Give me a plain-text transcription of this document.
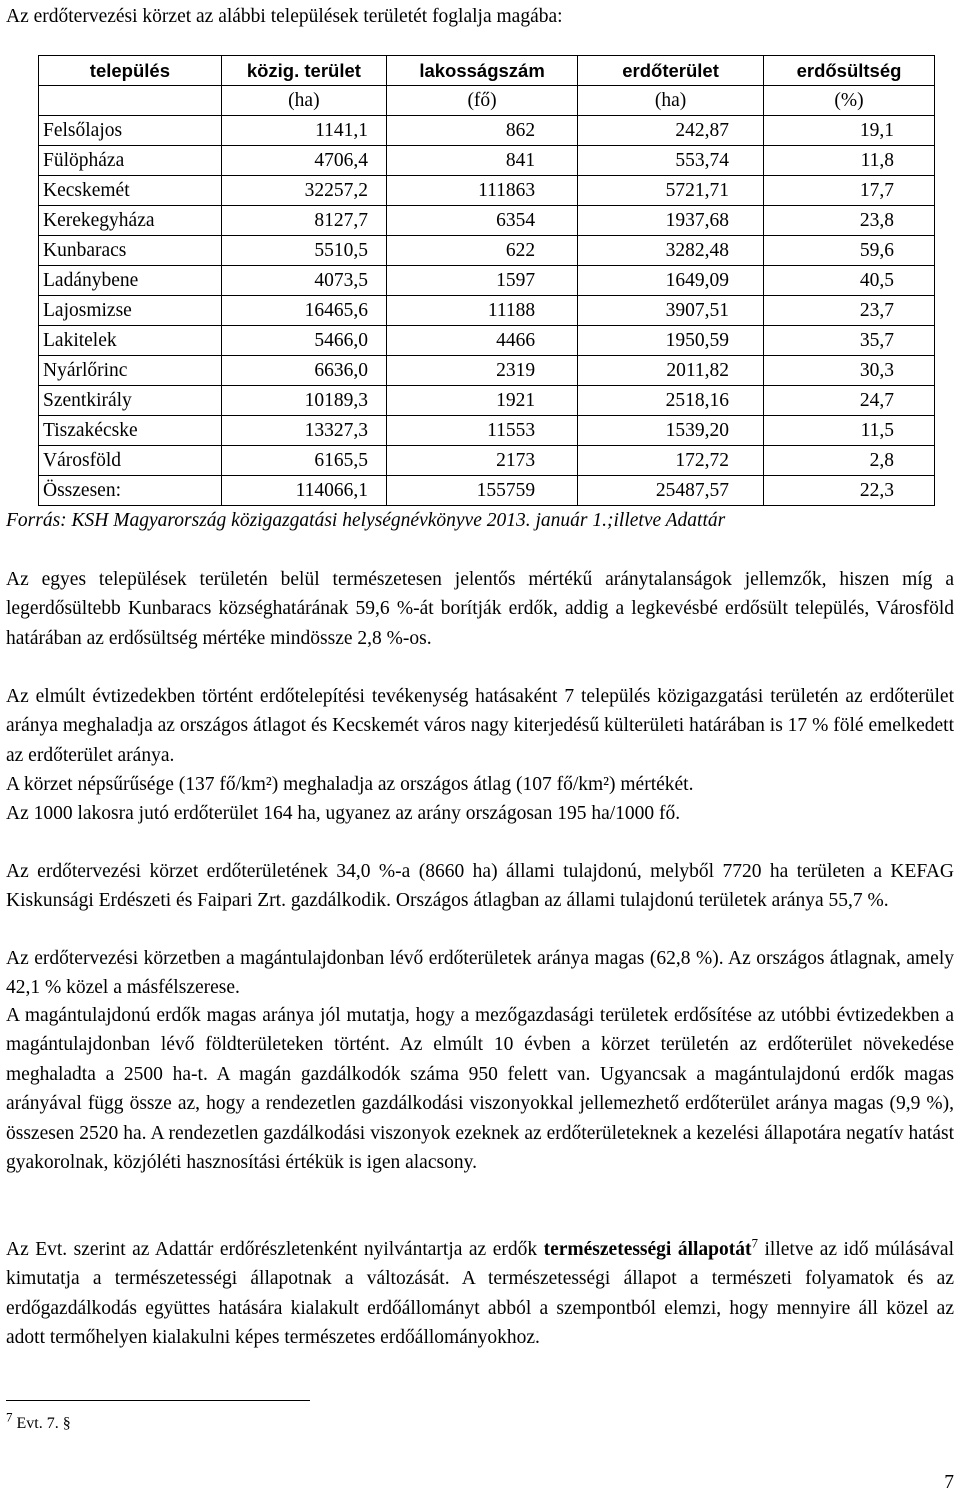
Az erdőtervezési körzet az alábbi települések területét foglalja magába:
település	közig. terület	lakosságszám	erdőterület	erdősültség
	(ha)	(fő)	(ha)	(%)
Felsőlajos	1141,1	862	242,87	19,1
Fülöpháza	4706,4	841	553,74	11,8
Kecskemét	32257,2	111863	5721,71	17,7
Kerekegyháza	8127,7	6354	1937,68	23,8
Kunbaracs	5510,5	622	3282,48	59,6
Ladánybene	4073,5	1597	1649,09	40,5
Lajosmizse	16465,6	11188	3907,51	23,7
Lakitelek	5466,0	4466	1950,59	35,7
Nyárlőrinc	6636,0	2319	2011,82	30,3
Szentkirály	10189,3	1921	2518,16	24,7
Tiszakécske	13327,3	11553	1539,20	11,5
Városföld	6165,5	2173	172,72	2,8
Összesen:	114066,1	155759	25487,57	22,3
Forrás: KSH Magyarország közigazgatási helységnévkönyve 2013. január 1.;illetve Adattár

Az egyes települések területén belül természetesen jelentős mértékű aránytalanságok jellemzők, hiszen míg a legerdősültebb Kunbaracs községhatárának 59,6 %-át borítják erdők, addig a legkevésbé erdősült település, Városföld határában az erdősültség mértéke mindössze 2,8 %-os.

Az elmúlt évtizedekben történt erdőtelepítési tevékenység hatásaként 7 település közigazgatási területén az erdőterület aránya meghaladja az országos átlagot és Kecskemét város nagy kiterjedésű külterületi határában is 17 % fölé emelkedett az erdőterület aránya.

A körzet népsűrűsége (137 fő/km²) meghaladja az országos átlag (107 fő/km²) mértékét.

Az 1000 lakosra jutó erdőterület 164 ha, ugyanez az arány országosan 195 ha/1000 fő.

Az erdőtervezési körzet erdőterületének 34,0 %-a (8660 ha) állami tulajdonú, melyből 7720 ha területen a KEFAG Kiskunsági Erdészeti és Faipari Zrt. gazdálkodik. Országos átlagban az állami tulajdonú területek aránya 55,7 %.

Az erdőtervezési körzetben a magántulajdonban lévő erdőterületek aránya magas (62,8 %). Az országos átlagnak, amely 42,1 % közel a másfélszerese.

A magántulajdonú erdők magas aránya jól mutatja, hogy a mezőgazdasági területek erdősítése az utóbbi évtizedekben a magántulajdonban lévő földterületeken történt. Az elmúlt 10 évben a körzet területén az erdőterület növekedése meghaladta a 2500 ha-t. A magán gazdálkodók száma 950 felett van. Ugyancsak a magántulajdonú erdők magas arányával függ össze az, hogy a rendezetlen gazdálkodási viszonyokkal jellemezhető erdőterület aránya magas (9,9 %), összesen 2520 ha. A rendezetlen gazdálkodási viszonyok ezeknek az erdőterületeknek a kezelési állapotára negatív hatást gyakorolnak, közjóléti hasznosítási értékük is igen alacsony.

Az Evt. szerint az Adattár erdőrészletenként nyilvántartja az erdők természetességi állapotát$^7$ illetve az idő múlásával kimutatja a természetességi állapotnak a változását. A természetességi állapot a természeti folyamatok és az erdőgazdálkodás együttes hatására kialakult erdőállományt abból a szempontból elemzi, hogy mennyire áll közel az adott termőhelyen kialakulni képes természetes erdőállományokhoz.

$^7$ Evt. 7. §
7
